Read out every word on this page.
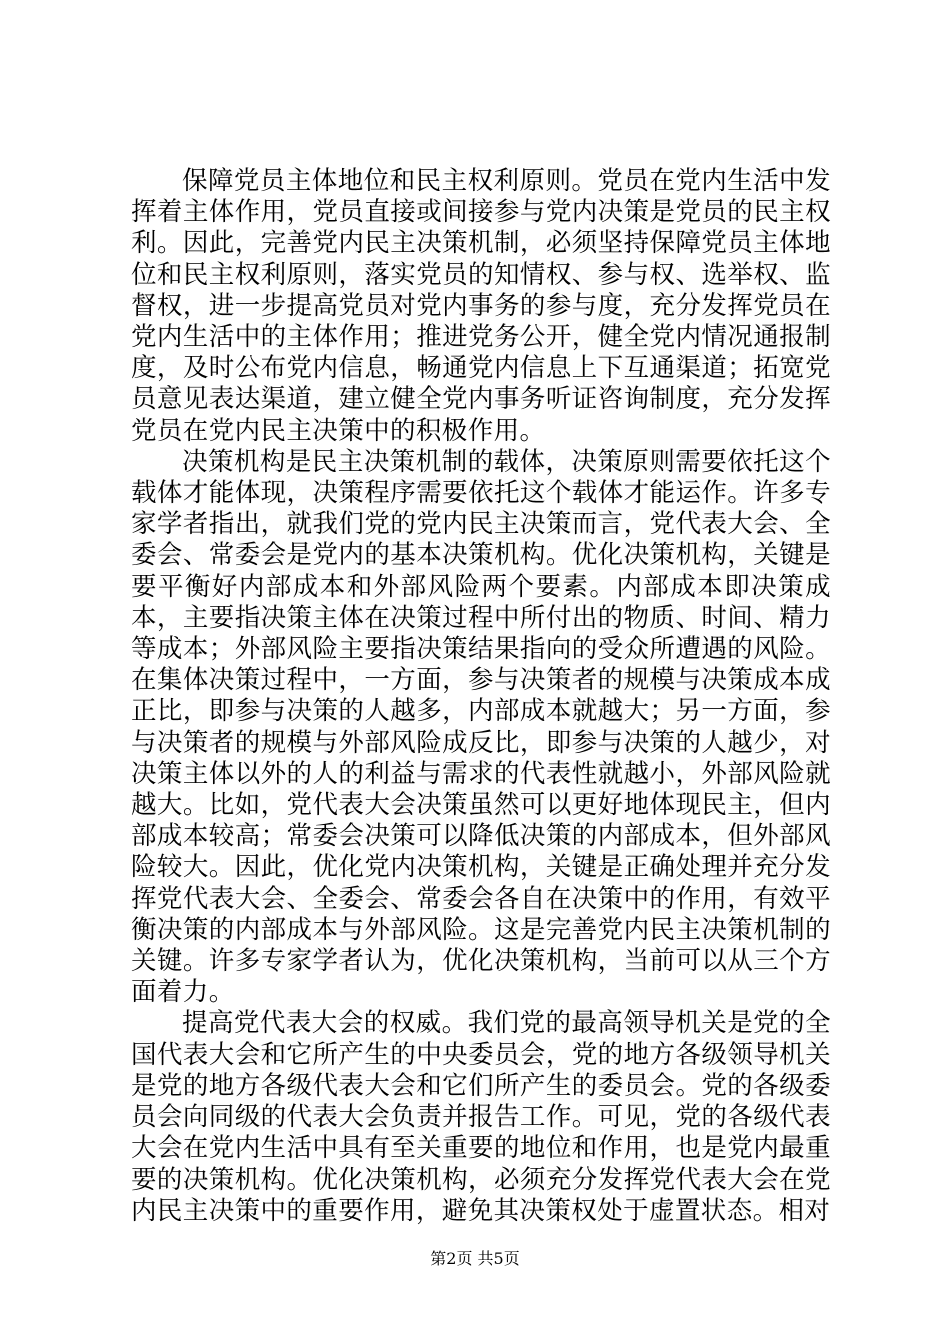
保障党员主体地位和民主权利原则。党员在党内生活中发挥着主体作用，党员直接或间接参与党内决策是党员的民主权利。因此，完善党内民主决策机制，必须坚持保障党员主体地位和民主权利原则，落实党员的知情权、参与权、选举权、监督权，进一步提高党员对党内事务的参与度，充分发挥党员在党内生活中的主体作用；推进党务公开，健全党内情况通报制度，及时公布党内信息，畅通党内信息上下互通渠道；拓宽党员意见表达渠道，建立健全党内事务听证咨询制度，充分发挥党员在党内民主决策中的积极作用。

决策机构是民主决策机制的载体，决策原则需要依托这个载体才能体现，决策程序需要依托这个载体才能运作。许多专家学者指出，就我们党的党内民主决策而言，党代表大会、全委会、常委会是党内的基本决策机构。优化决策机构，关键是要平衡好内部成本和外部风险两个要素。内部成本即决策成本，主要指决策主体在决策过程中所付出的物质、时间、精力等成本；外部风险主要指决策结果指向的受众所遭遇的风险。在集体决策过程中，一方面，参与决策者的规模与决策成本成正比，即参与决策的人越多，内部成本就越大；另一方面，参与决策者的规模与外部风险成反比，即参与决策的人越少，对决策主体以外的人的利益与需求的代表性就越小，外部风险就越大。比如，党代表大会决策虽然可以更好地体现民主，但内部成本较高；常委会决策可以降低决策的内部成本，但外部风险较大。因此，优化党内决策机构，关键是正确处理并充分发挥党代表大会、全委会、常委会各自在决策中的作用，有效平衡决策的内部成本与外部风险。这是完善党内民主决策机制的关键。许多专家学者认为，优化决策机构，当前可以从三个方面着力。

提高党代表大会的权威。我们党的最高领导机关是党的全国代表大会和它所产生的中央委员会，党的地方各级领导机关是党的地方各级代表大会和它们所产生的委员会。党的各级委员会向同级的代表大会负责并报告工作。可见，党的各级代表大会在党内生活中具有至关重要的地位和作用，也是党内最重要的决策机构。优化决策机构，必须充分发挥党代表大会在党内民主决策中的重要作用，避免其决策权处于虚置状态。相对

第2页 共5页
